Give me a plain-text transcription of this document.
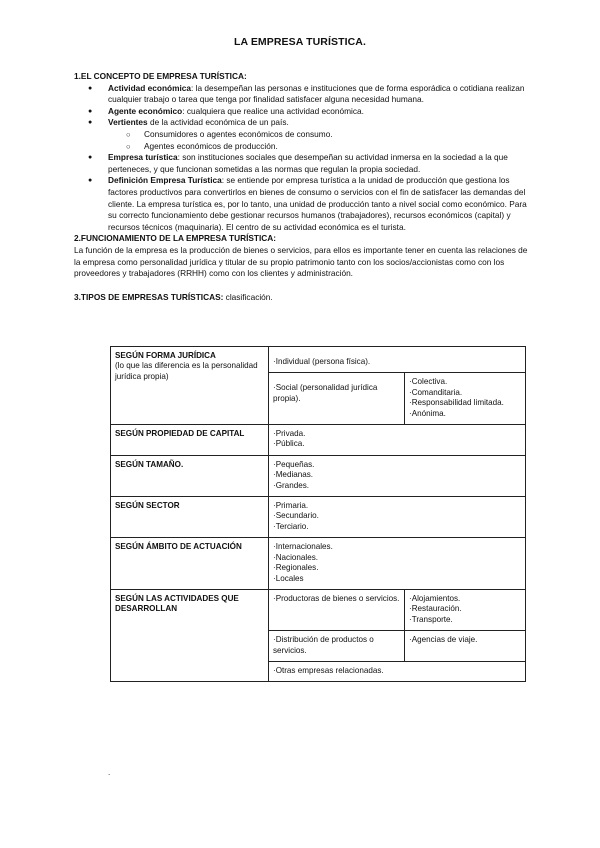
LA EMPRESA TURÍSTICA.
1.EL CONCEPTO DE EMPRESA TURÍSTICA:
● Actividad económica: la desempeñan las personas e instituciones que de forma esporádica o cotidiana realizan cualquier trabajo o tarea que tenga por finalidad satisfacer alguna necesidad humana.
● Agente económico: cualquiera que realice una actividad económica.
● Vertientes de la actividad económica de un país.
○ Consumidores o agentes económicos de consumo.
○ Agentes económicos de producción.
● Empresa turística: son instituciones sociales que desempeñan su actividad inmersa en la sociedad a la que perteneces, y que funcionan sometidas a las normas que regulan la propia sociedad.
● Definición Empresa Turística: se entiende por empresa turística a la unidad de producción que gestiona los factores productivos para convertirlos en bienes de consumo o servicios con el fin de satisfacer las demandas del cliente. La empresa turística es, por lo tanto, una unidad de producción tanto a nivel social como económico. Para su correcto funcionamiento debe gestionar recursos humanos (trabajadores), recursos económicos (capital) y recursos técnicos (maquinaria). El centro de su actividad económica es el turista.
2.FUNCIONAMIENTO DE LA EMPRESA TURÍSTICA:

La función de la empresa es la producción de bienes o servicios, para ellos es importante tener en cuenta las relaciones de la empresa como personalidad jurídica y titular de su propio patrimonio tanto con los socios/accionistas como con los proveedores y trabajadores (RRHH) como con los clientes y administración.

3.TIPOS DE EMPRESAS TURÍSTICAS: clasificación.
SEGÚN FORMA JURÍDICA
(lo que las diferencia es la personalidad jurídica propia)	·Individual (persona física).	
	·Social (personalidad jurídica propia).	·Colectiva.
·Comanditaria.
·Responsabilidad limitada.
·Anónima.

SEGÚN PROPIEDAD DE CAPITAL	·Privada.
·Pública.	

SEGÚN TAMAÑO.	·Pequeñas.
·Medianas.
·Grandes.	

SEGÚN SECTOR	·Primaria.
·Secundario.
·Terciario.	

SEGÚN ÁMBITO DE ACTUACIÓN	·Internacionales.
·Nacionales.
·Regionales.
·Locales	

SEGÚN LAS ACTIVIDADES QUE DESARROLLAN	·Productoras de bienes o servicios.	·Alojamientos.
·Restauración.
·Transporte.

	·Distribución de productos o servicios.	·Agencias de viaje.

	·Otras empresas relacionadas.	
.
